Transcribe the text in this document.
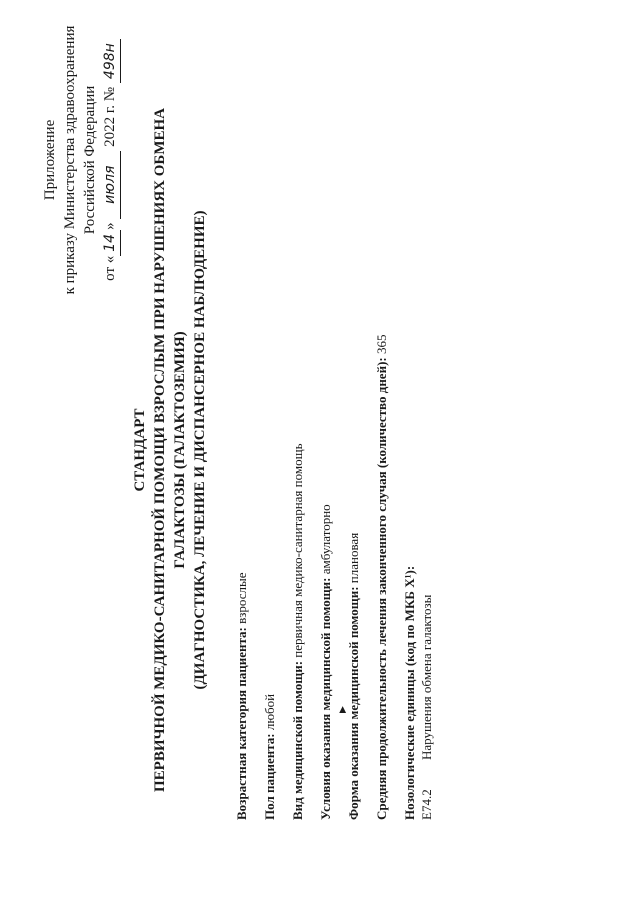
Приложение к приказу Министерства здравоохранения Российской Федерации
от «14» июля 2022 г. № 498н
СТАНДАРТ ПЕРВИЧНОЙ МЕДИКО-САНИТАРНОЙ ПОМОЩИ ВЗРОСЛЫМ ПРИ НАРУШЕНИЯХ ОБМЕНА ГАЛАКТОЗЫ (ГАЛАКТОЗЕМИЯ) (ДИАГНОСТИКА, ЛЕЧЕНИЕ И ДИСПАНСЕРНОЕ НАБЛЮДЕНИЕ)
Возрастная категория пациента: взрослые
Пол пациента: любой	Вид медицинской помощи: первичная медико-санитарная помощь
Условия оказания медицинской помощи: амбулаторно
Форма оказания медицинской помощи: плановая	Средняя продолжительность лечения законченного случая (количество дней): 365
Нозологические единицы (код по МКБ X¹): E74.2Нарушения обмена галактозы
▶
